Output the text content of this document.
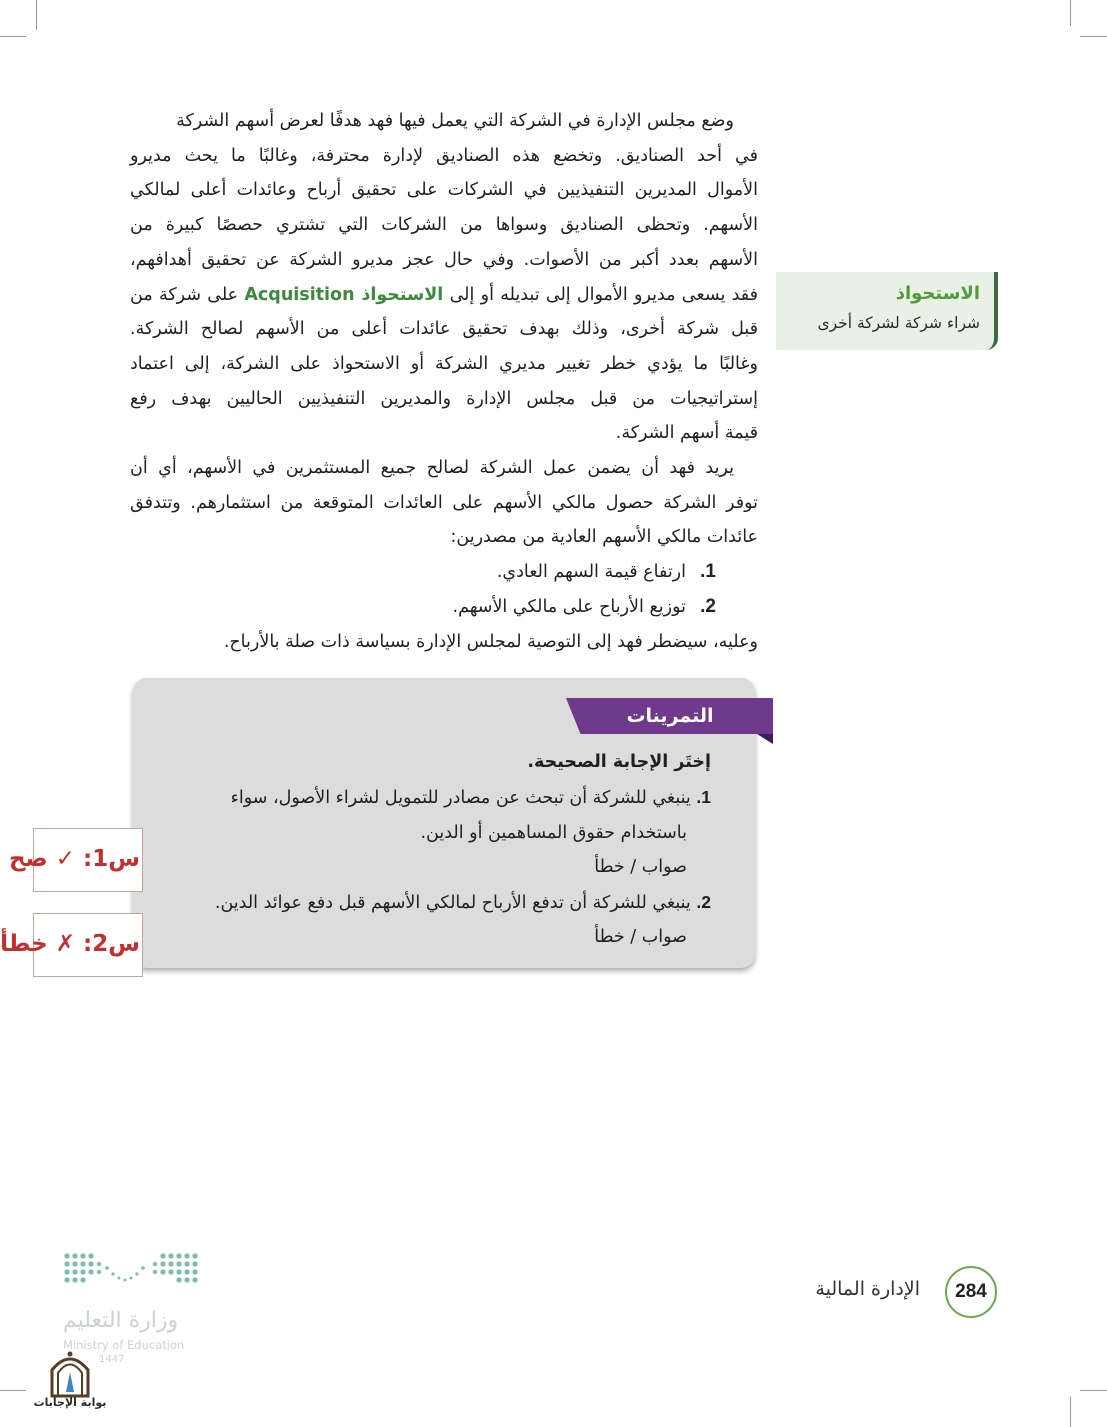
وضع مجلس الإدارة في الشركة التي يعمل فيها فهد هدفًا لعرض أسهم الشركة

في أحد الصناديق. وتخضع هذه الصناديق لإدارة محترفة، وغالبًا ما يحث مديرو

الأموال المديرين التنفيذيين في الشركات على تحقيق أرباح وعائدات أعلى لمالكي

الأسهم. وتحظى الصناديق وسواها من الشركات التي تشتري حصصًا كبيرة من

الأسهم بعدد أكبر من الأصوات. وفي حال عجز مديرو الشركة عن تحقيق أهدافهم،

فقد يسعى مديرو الأموال إلى تبديله أو إلى الاستحواذ Acquisition على شركة من

قبل شركة أخرى، وذلك بهدف تحقيق عائدات أعلى من الأسهم لصالح الشركة.

وغالبًا ما يؤدي خطر تغيير مديري الشركة أو الاستحواذ على الشركة، إلى اعتماد

إستراتيجيات من قبل مجلس الإدارة والمديرين التنفيذيين الحاليين بهدف رفع

قيمة أسهم الشركة.

يريد فهد أن يضمن عمل الشركة لصالح جميع المستثمرين في الأسهم، أي أن

توفر الشركة حصول مالكي الأسهم على العائدات المتوقعة من استثمارهم. وتتدفق

عائدات مالكي الأسهم العادية من مصدرين:

1.
ارتفاع قيمة السهم العادي.
2.
توزيع الأرباح على مالكي الأسهم.

وعليه، سيضطر فهد إلى التوصية لمجلس الإدارة بسياسة ذات صلة بالأرباح.

الاستحواذ
شراء شركة لشركة أخرى
التمرينات
إختَر الإجابة الصحيحة.
1. ينبغي للشركة أن تبحث عن مصادر للتمويل لشراء الأصول، سواء
باستخدام حقوق المساهمين أو الدين.
صواب / خطأ
2. ينبغي للشركة أن تدفع الأرباح لمالكي الأسهم قبل دفع عوائد الدين.
صواب / خطأ
س1: ✓ صح
س2: ✗ خطأ
الإدارة المالية	284
وزارة التعليم
Ministry of Education
1447
بوابة الإجابات
